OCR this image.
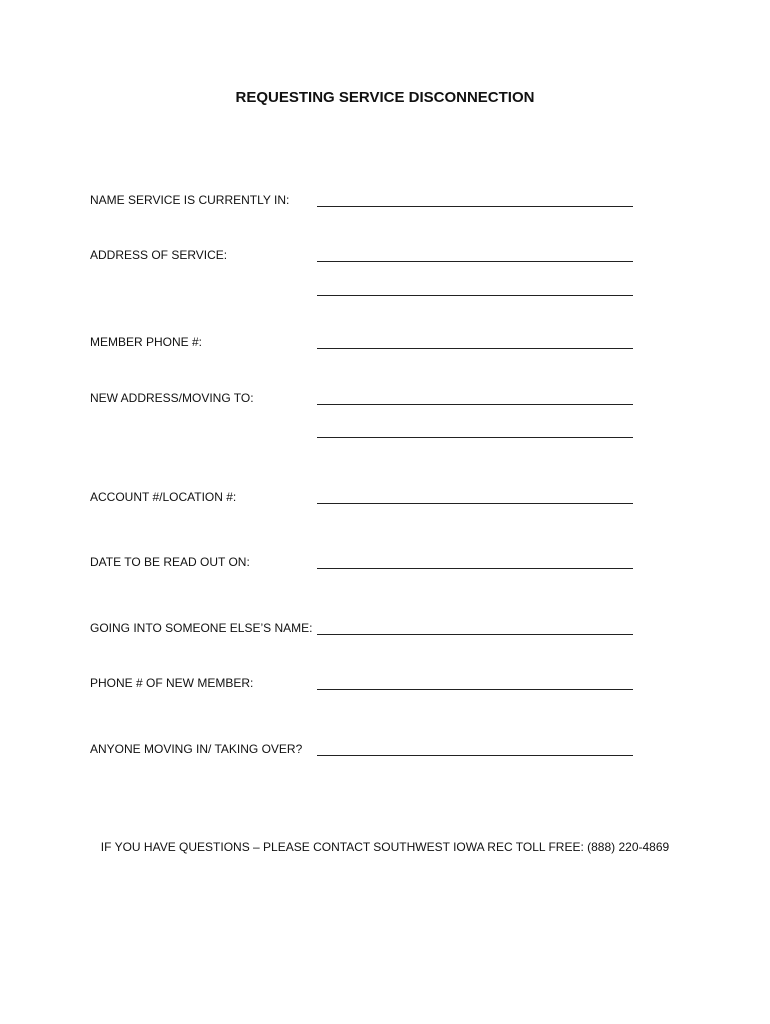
REQUESTING SERVICE DISCONNECTION
NAME SERVICE IS CURRENTLY IN:
ADDRESS OF SERVICE:
MEMBER PHONE #:
NEW ADDRESS/MOVING TO:
ACCOUNT #/LOCATION #:
DATE TO BE READ OUT ON:
GOING INTO SOMEONE ELSE’S NAME:
PHONE # OF NEW MEMBER:
ANYONE MOVING IN/ TAKING OVER?
IF YOU HAVE QUESTIONS – PLEASE CONTACT SOUTHWEST IOWA REC TOLL FREE: (888) 220-4869
